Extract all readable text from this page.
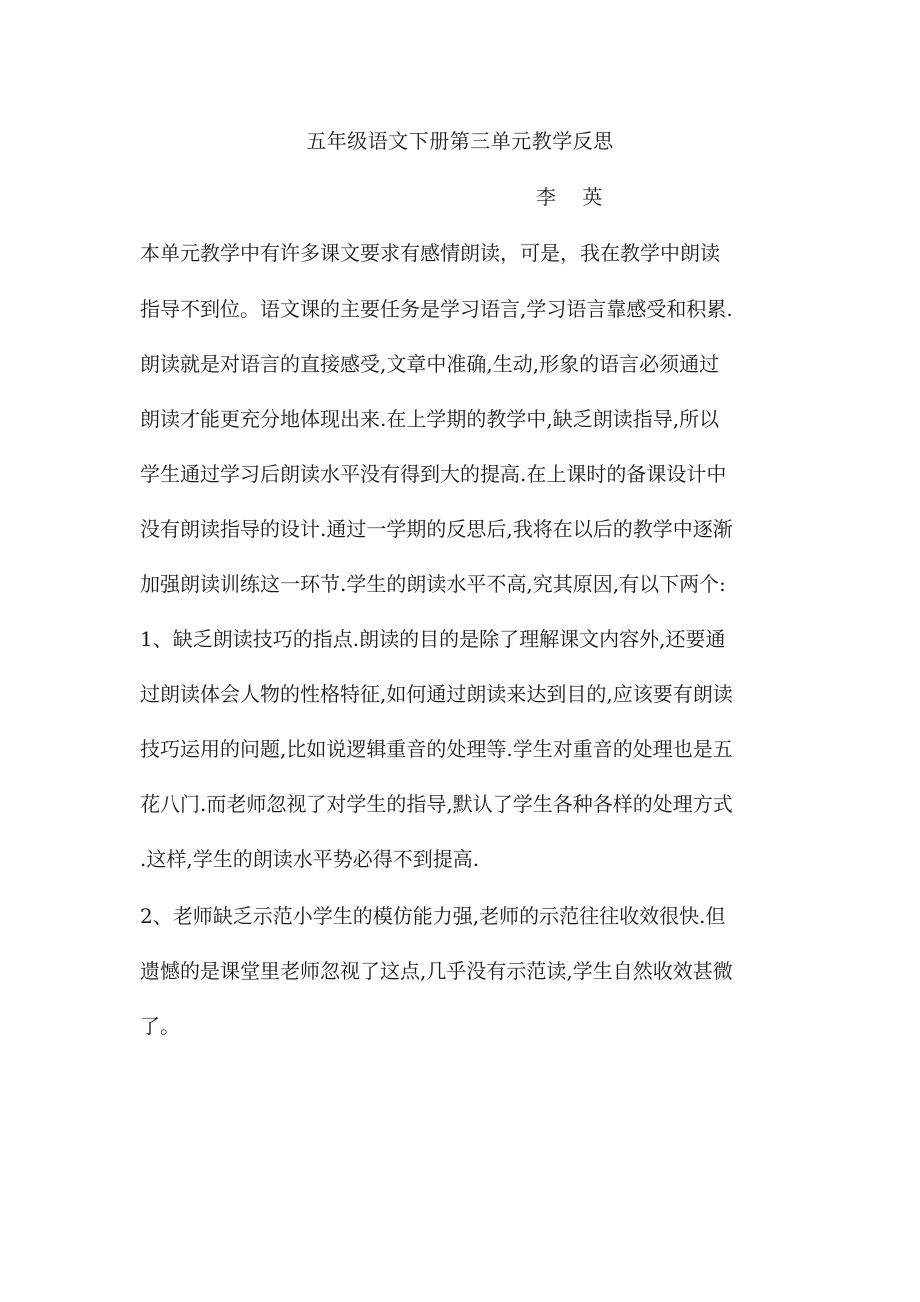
五年级语文下册第三单元教学反思
李 英
本单元教学中有许多课文要求有感情朗读，可是，我在教学中朗读
指导不到位。语文课的主要任务是学习语言,学习语言靠感受和积累.
朗读就是对语言的直接感受,文章中准确,生动,形象的语言必须通过
朗读才能更充分地体现出来.在上学期的教学中,缺乏朗读指导,所以
学生通过学习后朗读水平没有得到大的提高.在上课时的备课设计中
没有朗读指导的设计.通过一学期的反思后,我将在以后的教学中逐渐
加强朗读训练这一环节.学生的朗读水平不高,究其原因,有以下两个:
1、缺乏朗读技巧的指点.朗读的目的是除了理解课文内容外,还要通
过朗读体会人物的性格特征,如何通过朗读来达到目的,应该要有朗读
技巧运用的问题,比如说逻辑重音的处理等.学生对重音的处理也是五
花八门.而老师忽视了对学生的指导,默认了学生各种各样的处理方式
.这样,学生的朗读水平势必得不到提高.
2、老师缺乏示范小学生的模仿能力强,老师的示范往往收效很快.但
遗憾的是课堂里老师忽视了这点,几乎没有示范读,学生自然收效甚微
了。
